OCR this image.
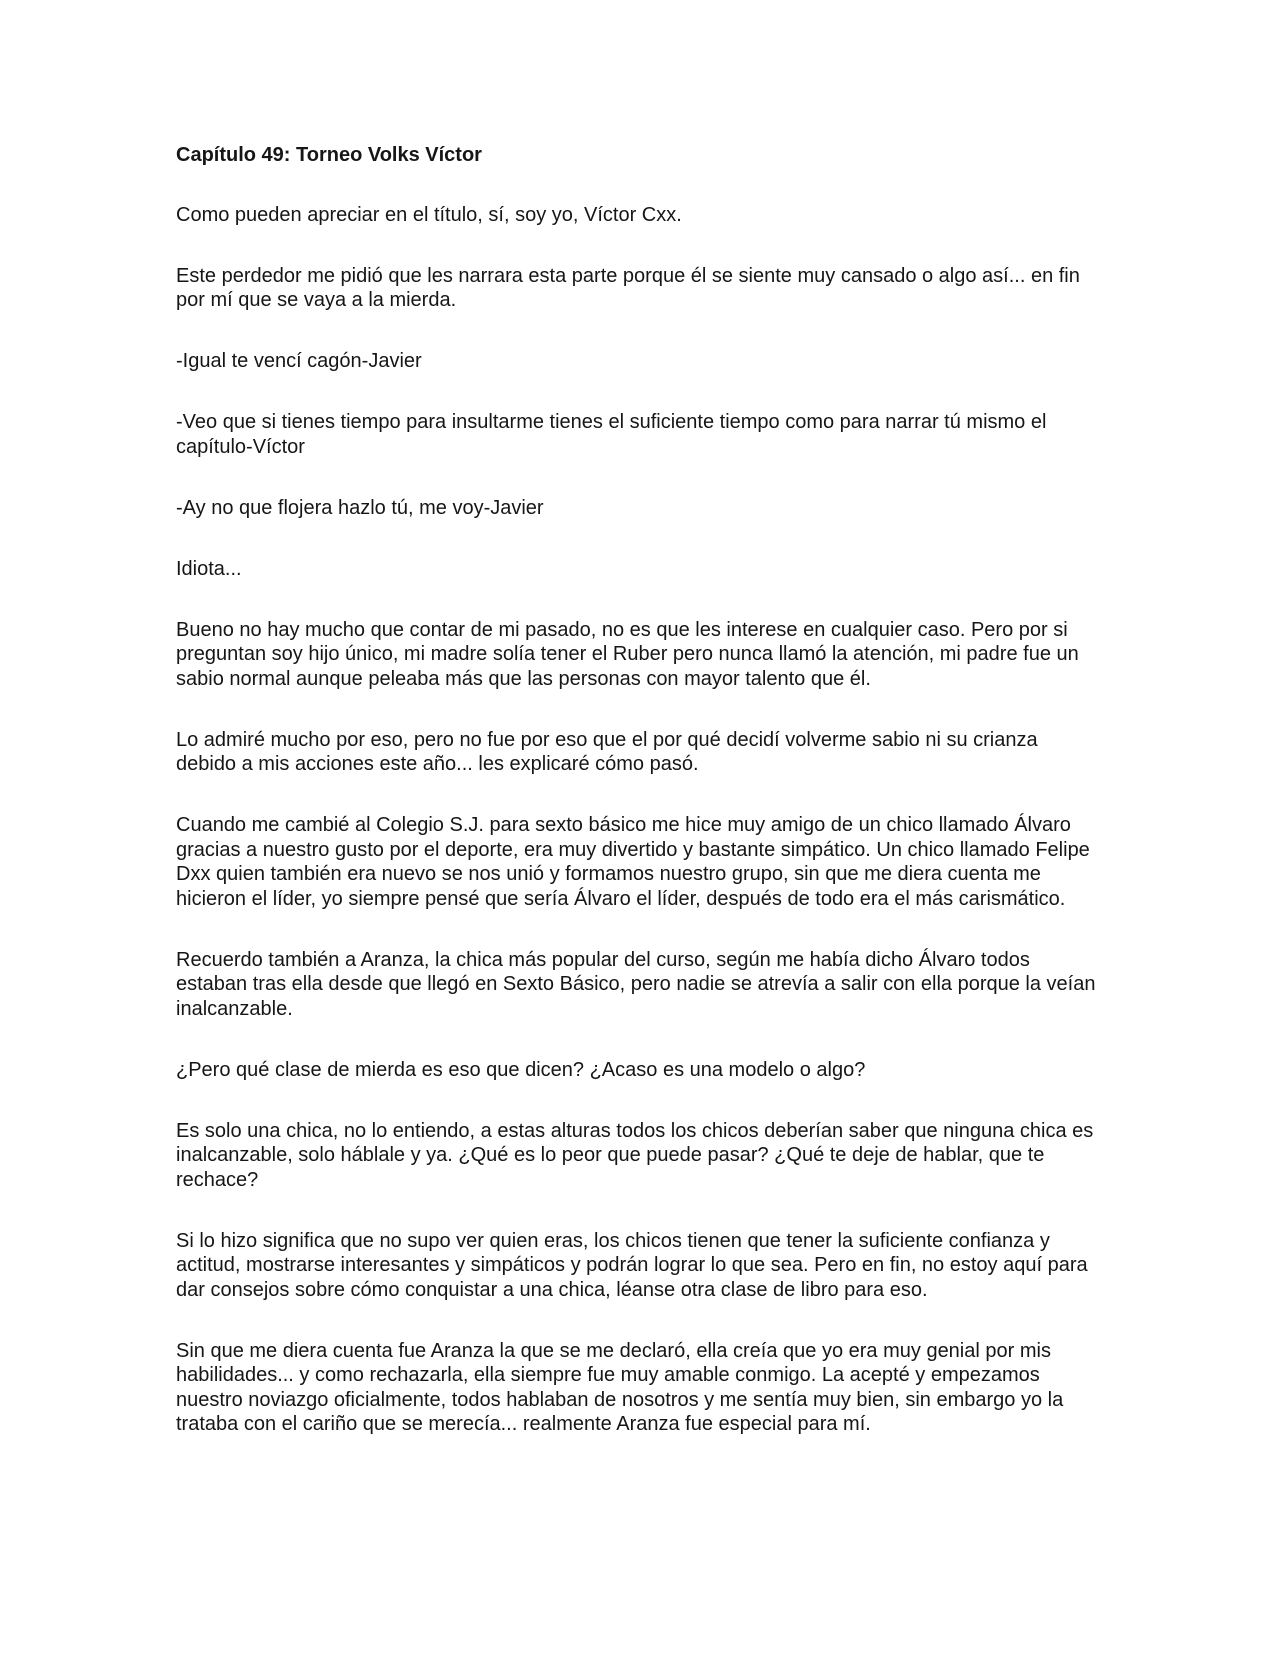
Capítulo 49: Torneo Volks Víctor

Como pueden apreciar en el título, sí, soy yo, Víctor Cxx.

Este perdedor me pidió que les narrara esta parte porque él se siente muy cansado o algo así... en fin por mí que se vaya a la mierda.

-Igual te vencí cagón-Javier

-Veo que si tienes tiempo para insultarme tienes el suficiente tiempo como para narrar tú mismo el capítulo-Víctor

-Ay no que flojera hazlo tú, me voy-Javier

Idiota...

Bueno no hay mucho que contar de mi pasado, no es que les interese en cualquier caso. Pero por si preguntan soy hijo único, mi madre solía tener el Ruber pero nunca llamó la atención, mi padre fue un sabio normal aunque peleaba más que las personas con mayor talento que él.

Lo admiré mucho por eso, pero no fue por eso que el por qué decidí volverme sabio ni su crianza debido a mis acciones este año... les explicaré cómo pasó.

Cuando me cambié al Colegio S.J. para sexto básico me hice muy amigo de un chico llamado Álvaro gracias a nuestro gusto por el deporte, era muy divertido y bastante simpático. Un chico llamado Felipe Dxx quien también era nuevo se nos unió y formamos nuestro grupo, sin que me diera cuenta me hicieron el líder, yo siempre pensé que sería Álvaro el líder, después de todo era el más carismático.

Recuerdo también a Aranza, la chica más popular del curso, según me había dicho Álvaro todos estaban tras ella desde que llegó en Sexto Básico, pero nadie se atrevía a salir con ella porque la veían inalcanzable.

¿Pero qué clase de mierda es eso que dicen? ¿Acaso es una modelo o algo?

Es solo una chica, no lo entiendo, a estas alturas todos los chicos deberían saber que ninguna chica es inalcanzable, solo háblale y ya. ¿Qué es lo peor que puede pasar? ¿Qué te deje de hablar, que te rechace?

Si lo hizo significa que no supo ver quien eras, los chicos tienen que tener la suficiente confianza y actitud, mostrarse interesantes y simpáticos y podrán lograr lo que sea. Pero en fin, no estoy aquí para dar consejos sobre cómo conquistar a una chica, léanse otra clase de libro para eso.

Sin que me diera cuenta fue Aranza la que se me declaró, ella creía que yo era muy genial por mis habilidades... y como rechazarla, ella siempre fue muy amable conmigo. La acepté y empezamos nuestro noviazgo oficialmente, todos hablaban de nosotros y me sentía muy bien, sin embargo yo la trataba con el cariño que se merecía... realmente Aranza fue especial para mí.
